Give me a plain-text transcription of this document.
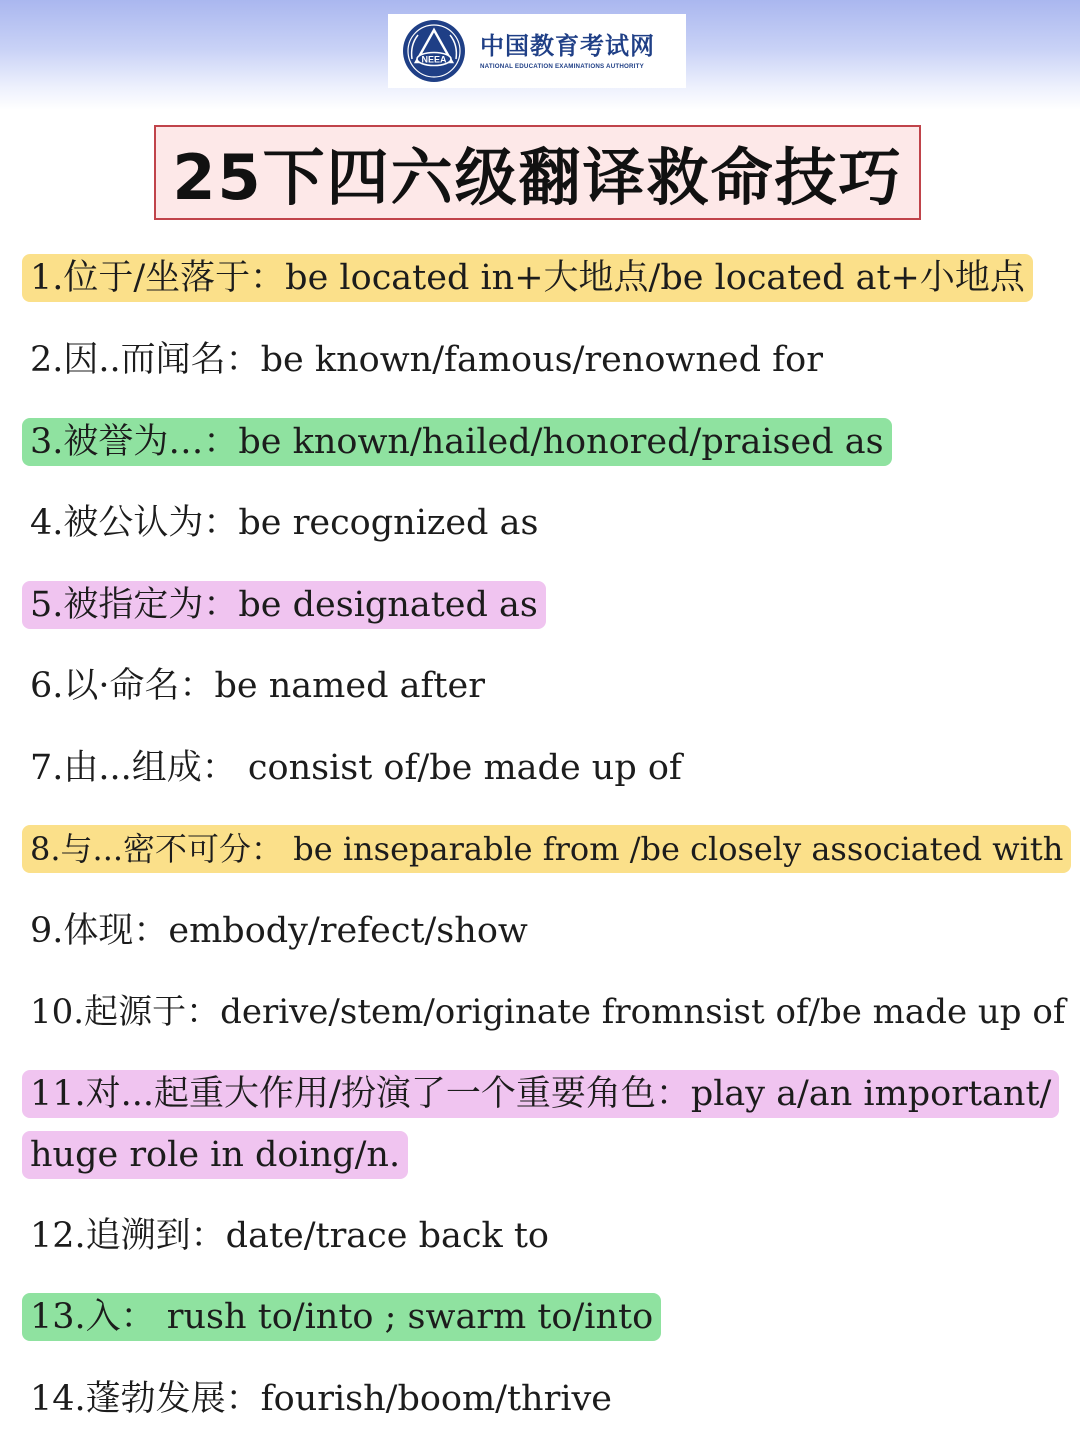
NEEA 中国教育考试网
NATIONAL EDUCATION EXAMINATIONS AUTHORITY
25下四六级翻译救命技巧
1.位于/坐落于：be located in+大地点/be located at+小地点
2.因..而闻名：be known/famous/renowned for
3.被誉为…：be known/hailed/honored/praised as
4.被公认为：be recognized as
5.被指定为：be designated as
6.以·命名：be named after
7.由...组成： consist of/be made up of
8.与...密不可分： be inseparable from /be closely associated with
9.体现：embody/refect/show
10.起源于：derive/stem/originate fromnsist of/be made up of
11.对...起重大作用/扮演了一个重要角色：play a/an important/
huge role in doing/n.
12.追溯到：date/trace back to
13.入： rush to/into ; swarm to/into
14.蓬勃发展：fourish/boom/thrive
